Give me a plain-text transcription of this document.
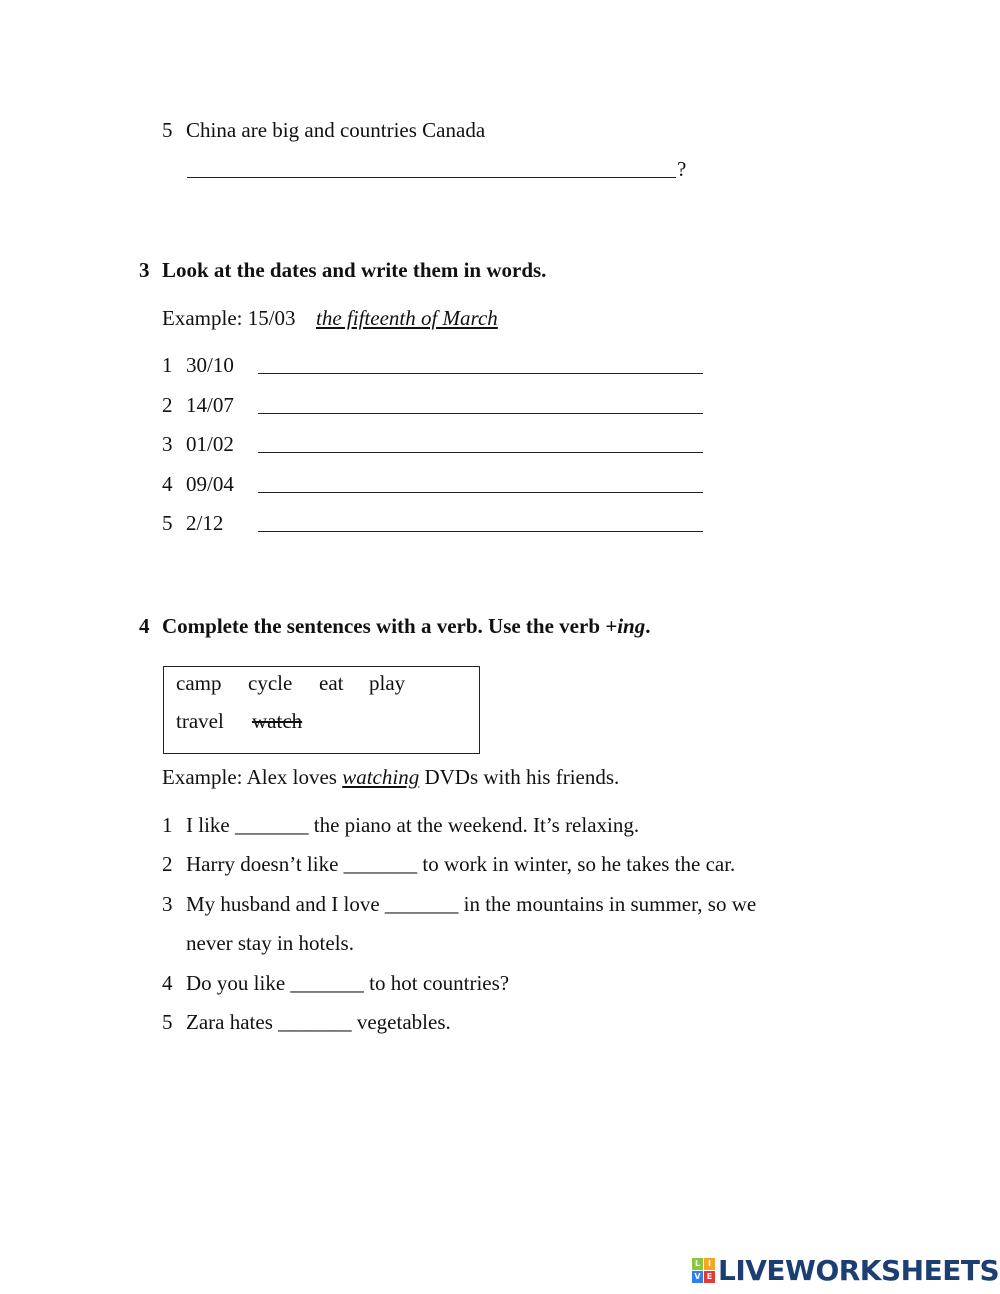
5 China are big and countries Canada
?
3 Look at the dates and write them in words.
Example: 15/03 the fifteenth of March
4 Complete the sentences with a verb. Use the verb +ing.
camp cycle eat play
travel watch
Example: Alex loves watching DVDs with his friends.
L I
V E LIVEWORKSHEETS
1 30/10
2 14/07
3 01/02
4 09/04
5 2/12
1 I like _______ the piano at the weekend. It’s relaxing.
2 Harry doesn’t like _______ to work in winter, so he takes the car.
3 My husband and I love _______ in the mountains in summer, so we
never stay in hotels.
4 Do you like _______ to hot countries?
5 Zara hates _______ vegetables.
